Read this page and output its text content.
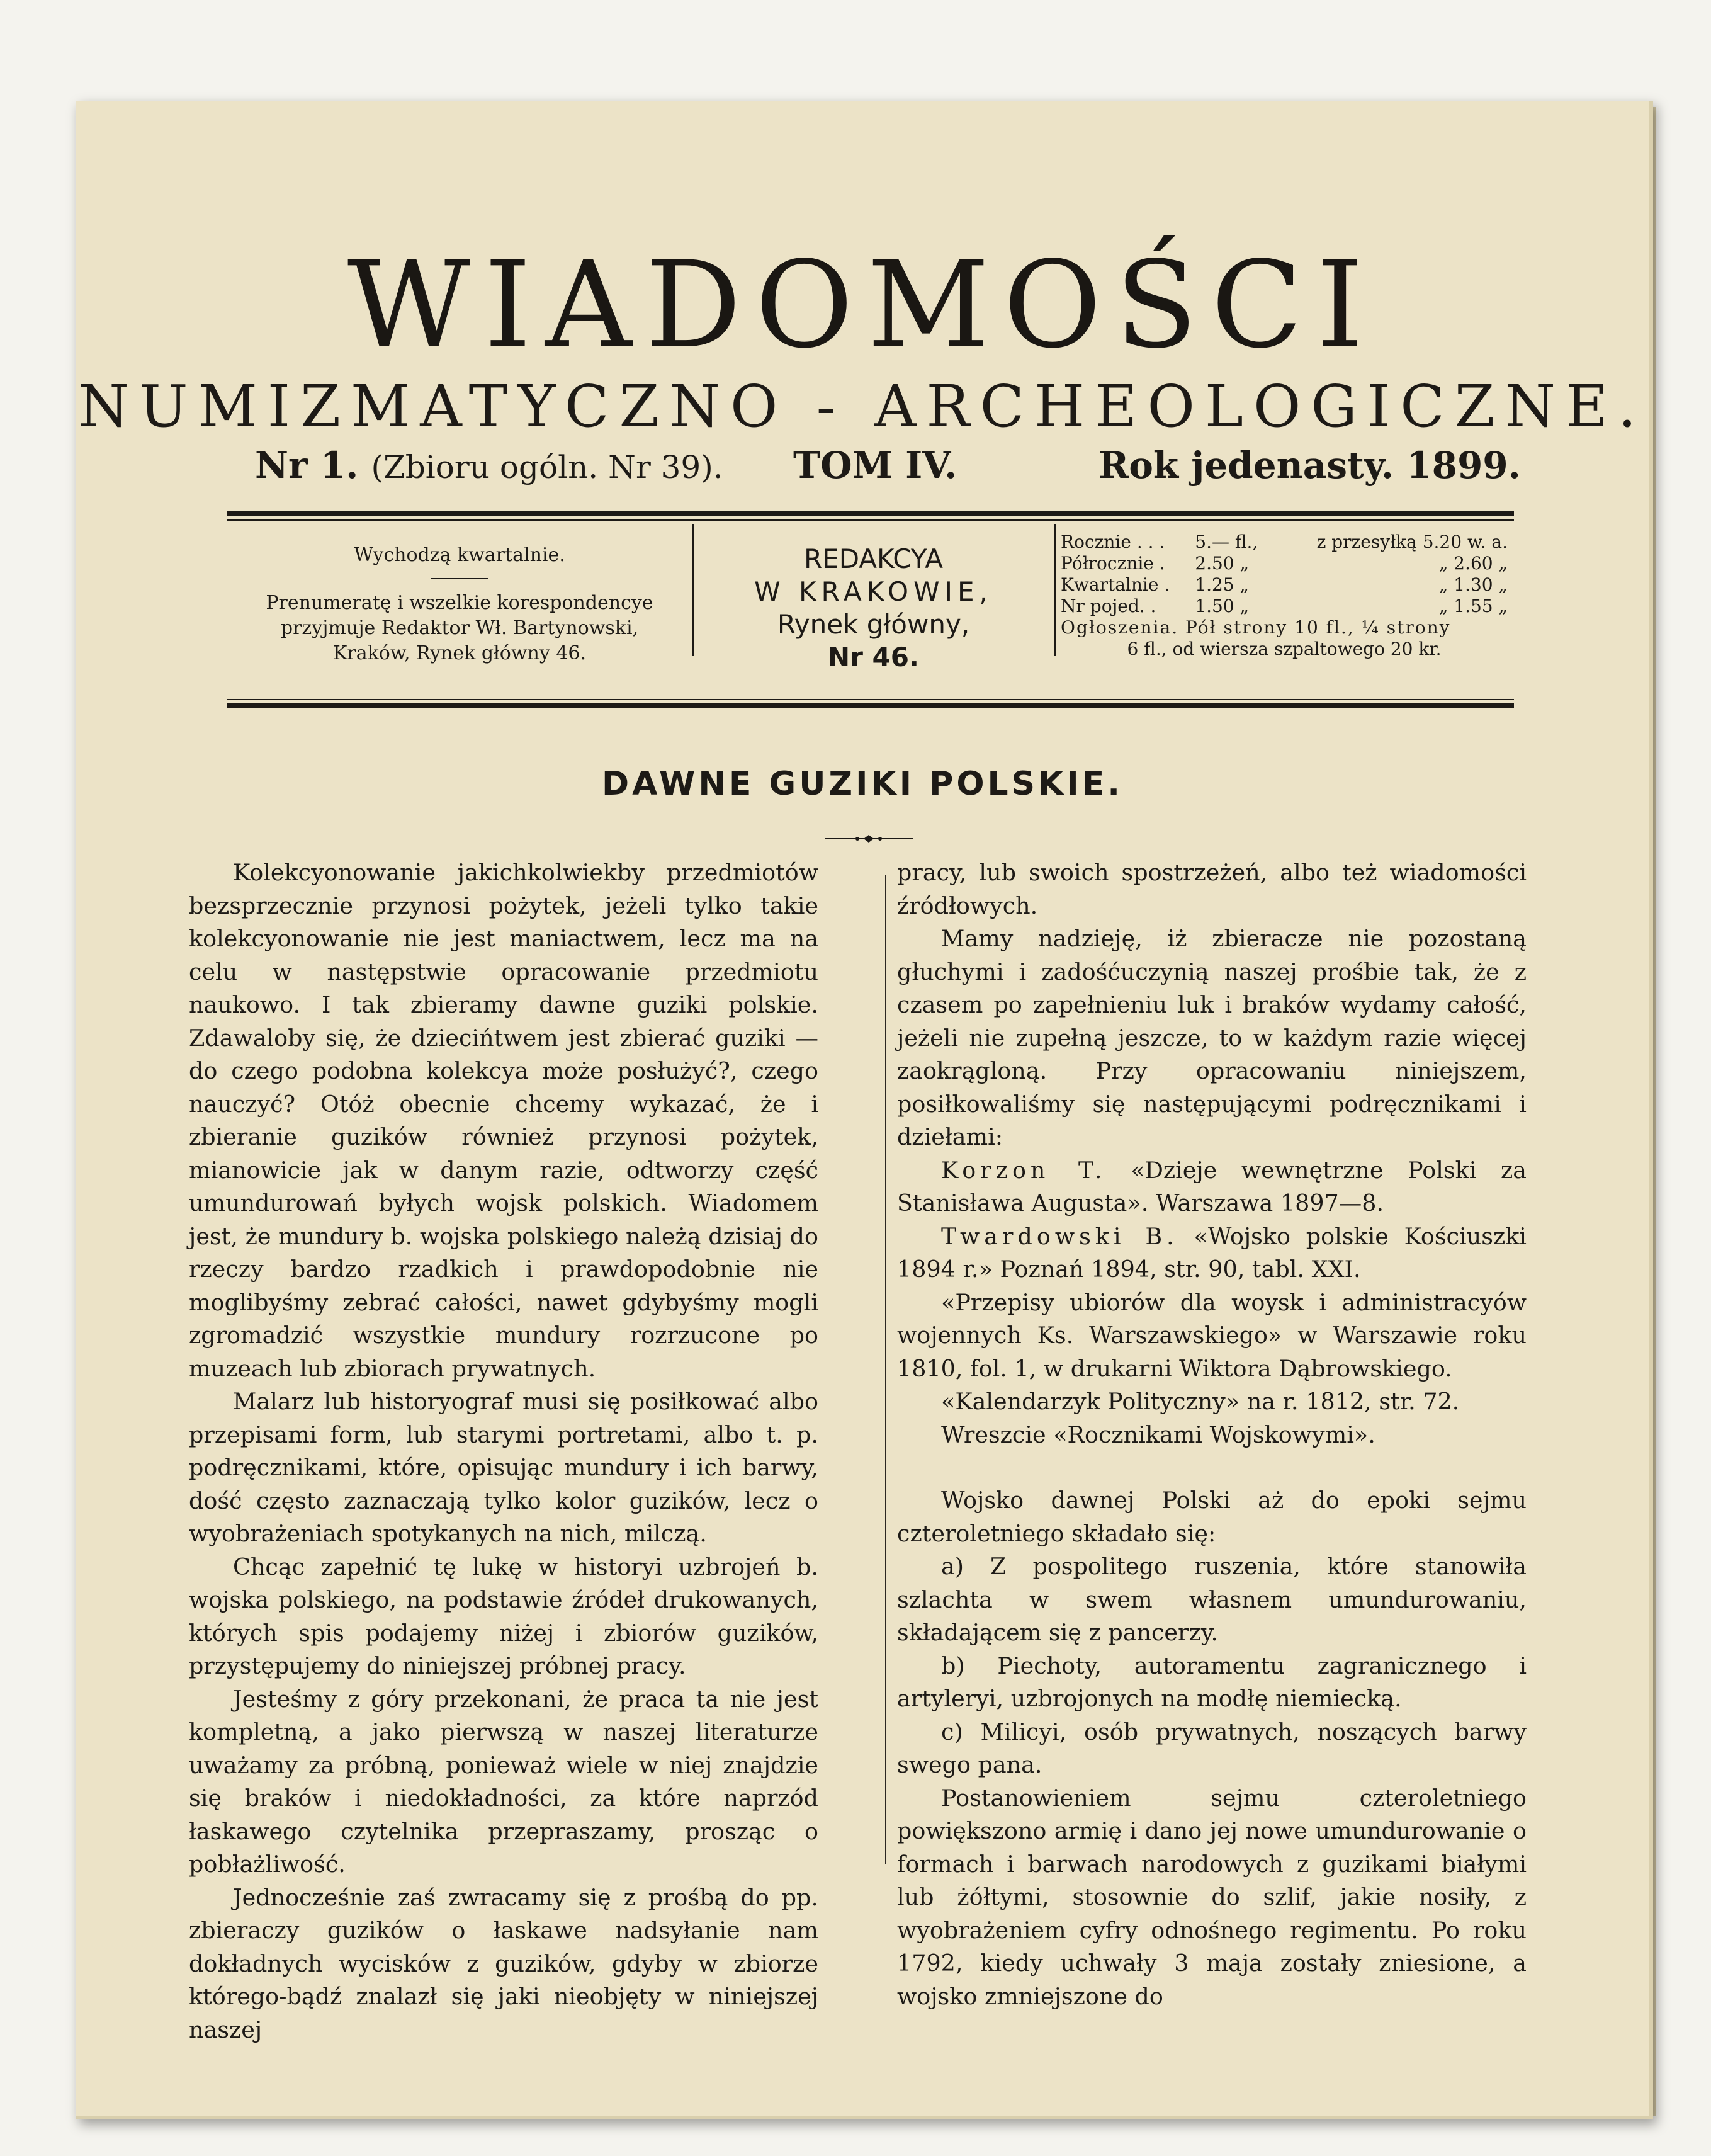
WIADOMOŚCI
NUMIZMATYCZNO - ARCHEOLOGICZNE.
Nr 1. (Zbioru ogóln. Nr 39). TOM IV.	Rok jedenasty. 1899.
Wychodzą kwartalnie.
Prenumeratę i wszelkie korespondencye
przyjmuje Redaktor Wł. Bartynowski,
Kraków, Rynek główny 46.
REDAKCYA
W KRAKOWIE,
Rynek główny,
Nr 46.
Rocznie . . .	5.— fl.,	z przesyłką 5.20 w. a.
Półrocznie .	2.50 „	„ 2.60 „
Kwartalnie .	1.25 „	„ 1.30 „
Nr pojed. .	1.50 „	„ 1.55 „
Ogłoszenia. Pół strony 10 fl., ¼ strony
6 fl., od wiersza szpaltowego 20 kr.
DAWNE GUZIKI POLSKIE.

Kolekcyonowanie jakichkolwiekby przedmiotów bezsprzecznie przynosi pożytek, jeżeli tylko takie kolekcyonowanie nie jest maniactwem, lecz ma na celu w następstwie opracowanie przedmiotu naukowo. I tak zbieramy dawne guziki polskie. Zdawaloby się, że dziecińtwem jest zbierać guziki — do czego podobna kolekcya może posłużyć?, czego nauczyć? Otóż obecnie chcemy wykazać, że i zbieranie guzików również przynosi pożytek, mianowicie jak w danym razie, odtworzy część umundurowań byłych wojsk polskich. Wiadomem jest, że mundury b. wojska polskiego należą dzisiaj do rzeczy bardzo rzadkich i prawdopodobnie nie moglibyśmy zebrać całości, nawet gdybyśmy mogli zgromadzić wszystkie mundury rozrzucone po muzeach lub zbiorach prywatnych.

Malarz lub historyograf musi się posiłkować albo przepisami form, lub starymi portretami, albo t. p. podręcznikami, które, opisując mundury i ich barwy, dość często zaznaczają tylko kolor guzików, lecz o wyobrażeniach spotykanych na nich, milczą.

Chcąc zapełnić tę lukę w historyi uzbrojeń b. wojska polskiego, na podstawie źródeł drukowanych, których spis podajemy niżej i zbiorów guzików, przystępujemy do niniejszej próbnej pracy.

Jesteśmy z góry przekonani, że praca ta nie jest kompletną, a jako pierwszą w naszej literaturze uważamy za próbną, ponieważ wiele w niej znajdzie się braków i niedokładności, za które naprzód łaskawego czytelnika przepraszamy, prosząc o pobłażliwość.

Jednocześnie zaś zwracamy się z prośbą do pp. zbieraczy guzików o łaskawe nadsyłanie nam dokładnych wycisków z guzików, gdyby w zbiorze którego-bądź znalazł się jaki nieobjęty w niniejszej naszej

pracy, lub swoich spostrzeżeń, albo też wiadomości źródłowych.

Mamy nadzieję, iż zbieracze nie pozostaną głuchymi i zadośćuczynią naszej prośbie tak, że z czasem po zapełnieniu luk i braków wydamy całość, jeżeli nie zupełną jeszcze, to w każdym razie więcej zaokrągloną. Przy opracowaniu niniejszem, posiłkowaliśmy się następującymi podręcznikami i dziełami:

Korzon T. «Dzieje wewnętrzne Polski za Stanisława Augusta». Warszawa 1897—8.

Twardowski B. «Wojsko polskie Kościuszki 1894 r.» Poznań 1894, str. 90, tabl. XXI.

«Przepisy ubiorów dla woysk i administracyów wojennych Ks. Warszawskiego» w Warszawie roku 1810, fol. 1, w drukarni Wiktora Dąbrowskiego.

«Kalendarzyk Polityczny» na r. 1812, str. 72.

Wreszcie «Rocznikami Wojskowymi».

Wojsko dawnej Polski aż do epoki sejmu czteroletniego składało się:

a) Z pospolitego ruszenia, które stanowiła szlachta w swem własnem umundurowaniu, składającem się z pancerzy.

b) Piechoty, autoramentu zagranicznego i artyleryi, uzbrojonych na modłę niemiecką.

c) Milicyi, osób prywatnych, noszących barwy swego pana.

Postanowieniem sejmu czteroletniego powiększono armię i dano jej nowe umundurowanie o formach i barwach narodowych z guzikami białymi lub żółtymi, stosownie do szlif, jakie nosiły, z wyobrażeniem cyfry odnośnego regimentu. Po roku 1792, kiedy uchwały 3 maja zostały zniesione, a wojsko zmniejszone do
